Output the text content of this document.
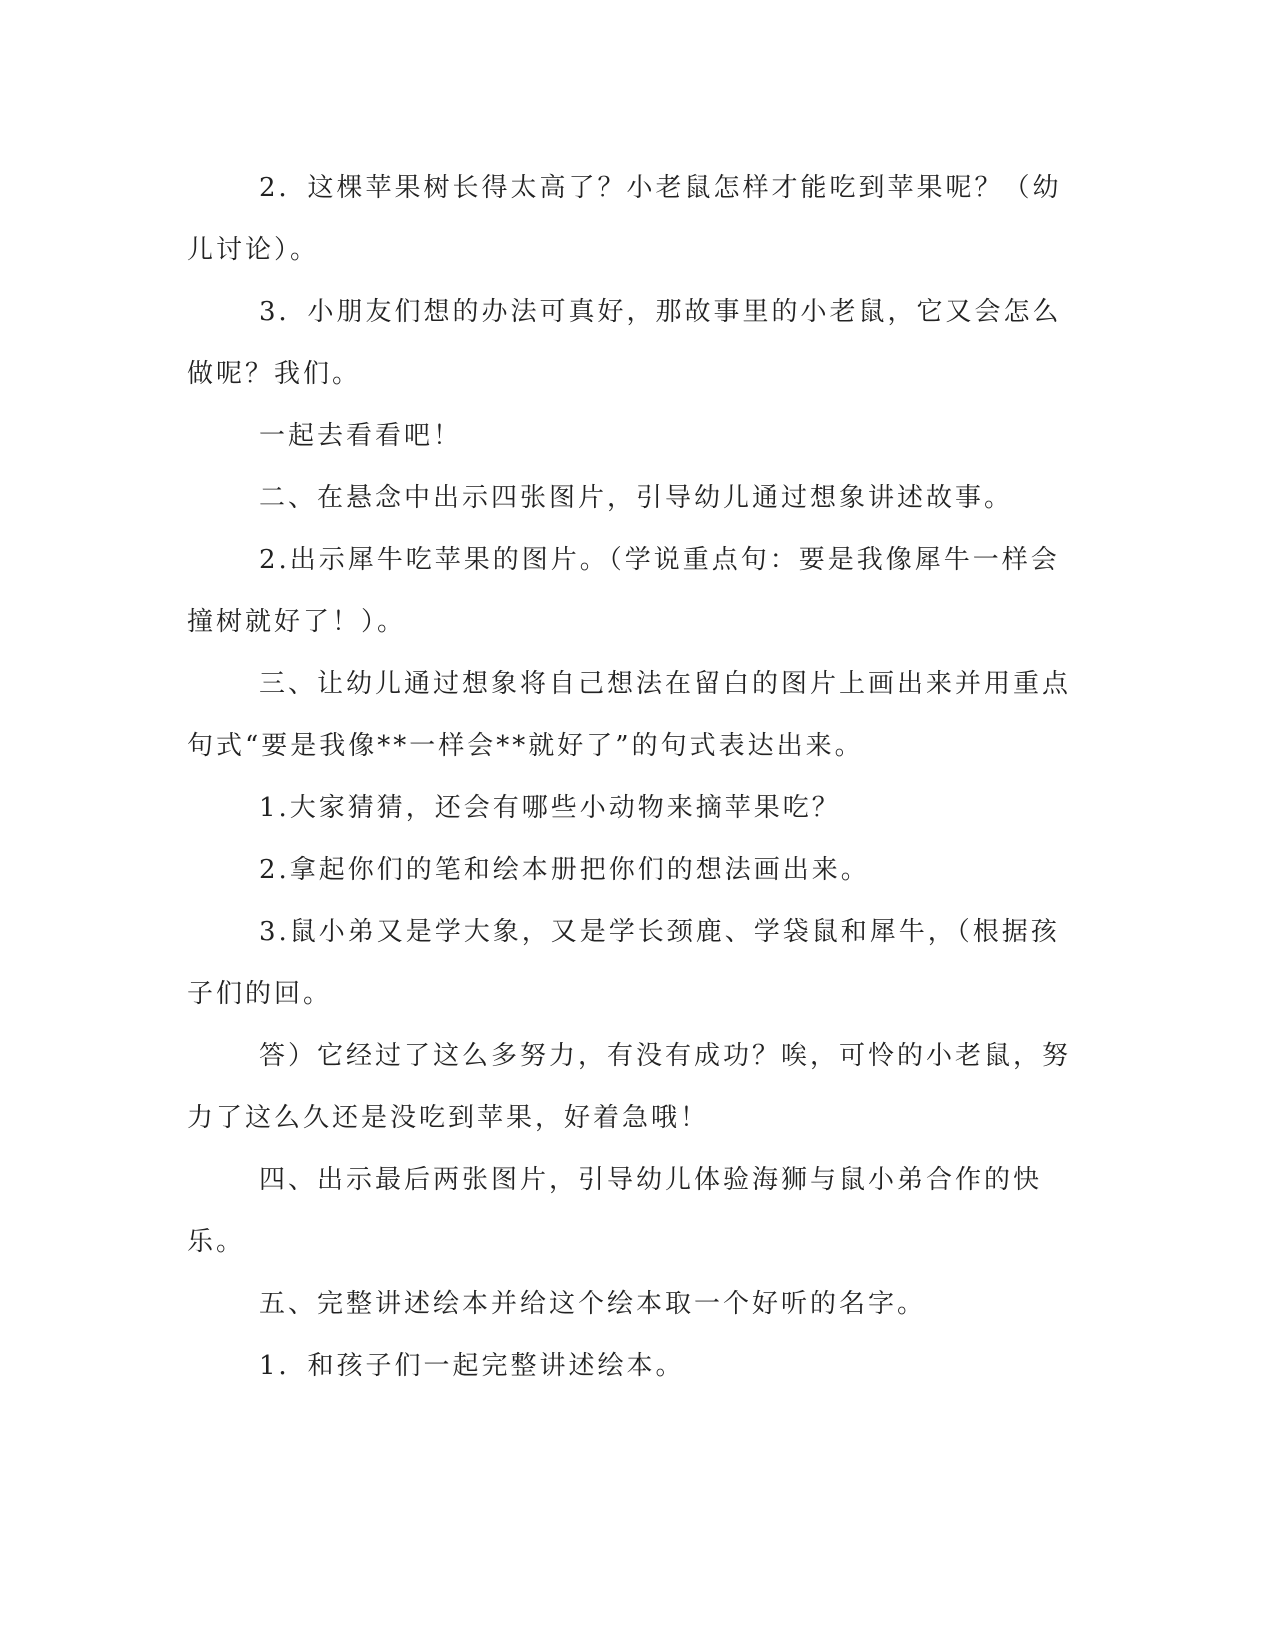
2．这棵苹果树长得太高了？小老鼠怎样才能吃到苹果呢？（幼儿讨论）。

3．小朋友们想的办法可真好，那故事里的小老鼠，它又会怎么做呢？我们。

一起去看看吧！

二、在悬念中出示四张图片，引导幼儿通过想象讲述故事。

2.出示犀牛吃苹果的图片。（学说重点句：要是我像犀牛一样会撞树就好了！）。

三、让幼儿通过想象将自己想法在留白的图片上画出来并用重点句式“要是我像**一样会**就好了”的句式表达出来。

1.大家猜猜，还会有哪些小动物来摘苹果吃？

2.拿起你们的笔和绘本册把你们的想法画出来。

3.鼠小弟又是学大象，又是学长颈鹿、学袋鼠和犀牛，（根据孩子们的回。

答）它经过了这么多努力，有没有成功？唉，可怜的小老鼠，努力了这么久还是没吃到苹果，好着急哦！

四、出示最后两张图片，引导幼儿体验海狮与鼠小弟合作的快乐。

五、完整讲述绘本并给这个绘本取一个好听的名字。

1．和孩子们一起完整讲述绘本。
